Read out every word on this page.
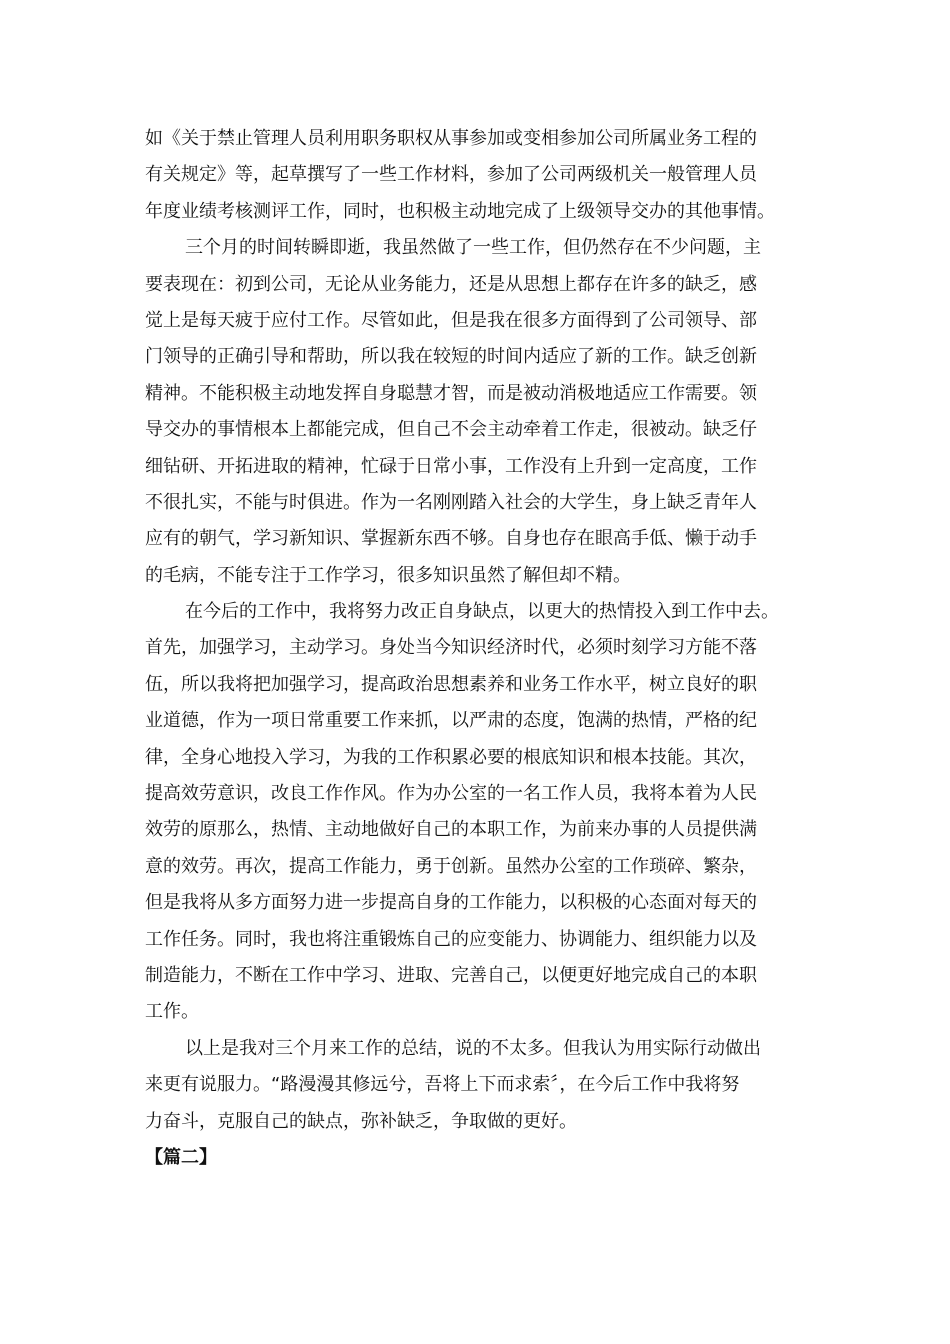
如《关于禁止管理人员利用职务职权从事参加或变相参加公司所属业务工程的
有关规定》等，起草撰写了一些工作材料，参加了公司两级机关一般管理人员
年度业绩考核测评工作，同时，也积极主动地完成了上级领导交办的其他事情。
三个月的时间转瞬即逝，我虽然做了一些工作，但仍然存在不少问题，主
要表现在：初到公司，无论从业务能力，还是从思想上都存在许多的缺乏，感
觉上是每天疲于应付工作。尽管如此，但是我在很多方面得到了公司领导、部
门领导的正确引导和帮助，所以我在较短的时间内适应了新的工作。缺乏创新
精神。不能积极主动地发挥自身聪慧才智，而是被动消极地适应工作需要。领
导交办的事情根本上都能完成，但自己不会主动牵着工作走，很被动。缺乏仔
细钻研、开拓进取的精神，忙碌于日常小事，工作没有上升到一定高度，工作
不很扎实，不能与时俱进。作为一名刚刚踏入社会的大学生，身上缺乏青年人
应有的朝气，学习新知识、掌握新东西不够。自身也存在眼高手低、懒于动手
的毛病，不能专注于工作学习，很多知识虽然了解但却不精。
在今后的工作中，我将努力改正自身缺点，以更大的热情投入到工作中去。
首先，加强学习，主动学习。身处当今知识经济时代，必须时刻学习方能不落
伍，所以我将把加强学习，提高政治思想素养和业务工作水平，树立良好的职
业道德，作为一项日常重要工作来抓，以严肃的态度，饱满的热情，严格的纪
律，全身心地投入学习，为我的工作积累必要的根底知识和根本技能。其次，
提高效劳意识，改良工作作风。作为办公室的一名工作人员，我将本着为人民
效劳的原那么，热情、主动地做好自己的本职工作，为前来办事的人员提供满
意的效劳。再次，提高工作能力，勇于创新。虽然办公室的工作琐碎、繁杂，
但是我将从多方面努力进一步提高自身的工作能力，以积极的心态面对每天的
工作任务。同时，我也将注重锻炼自己的应变能力、协调能力、组织能力以及
制造能力，不断在工作中学习、进取、完善自己，以便更好地完成自己的本职
工作。
以上是我对三个月来工作的总结，说的不太多。但我认为用实际行动做出
来更有说服力。“路漫漫其修远兮，吾将上下而求索〞，在今后工作中我将努
力奋斗，克服自己的缺点，弥补缺乏，争取做的更好。
【篇二】
